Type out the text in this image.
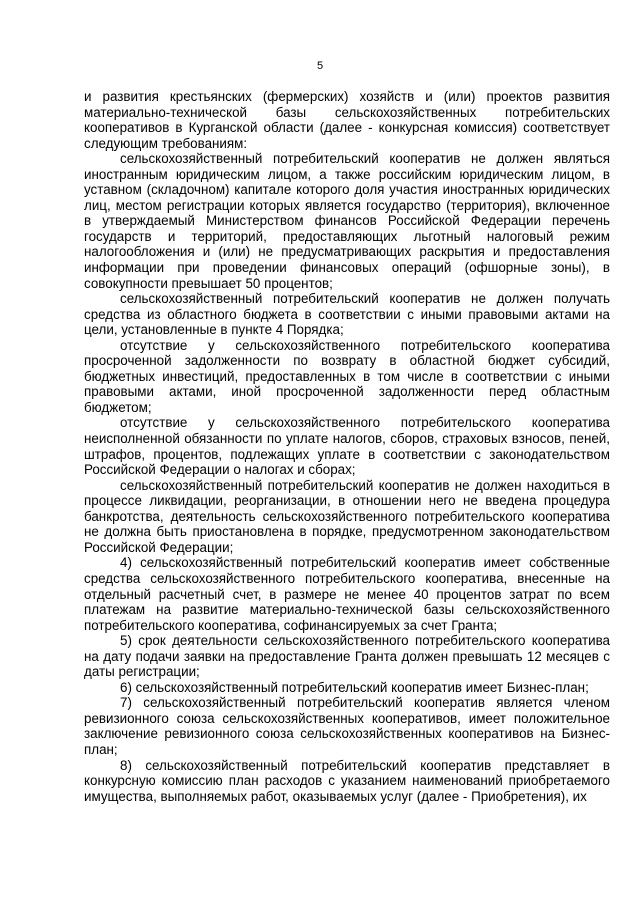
5

и развития крестьянских (фермерских) хозяйств и (или) проектов развития материально-технической базы сельскохозяйственных потребительских кооперативов в Курганской области (далее - конкурсная комиссия) соответствует следующим требованиям:

сельскохозяйственный потребительский кооператив не должен являться иностранным юридическим лицом, а также российским юридическим лицом, в уставном (складочном) капитале которого доля участия иностранных юридических лиц, местом регистрации которых является государство (территория), включенное в утверждаемый Министерством финансов Российской Федерации перечень государств и территорий, предоставляющих льготный налоговый режим налогообложения и (или) не предусматривающих раскрытия и предоставления информации при проведении финансовых операций (офшорные зоны), в совокупности превышает 50 процентов;

сельскохозяйственный потребительский кооператив не должен получать средства из областного бюджета в соответствии с иными правовыми актами на цели, установленные в пункте 4 Порядка;

отсутствие у сельскохозяйственного потребительского кооператива просроченной задолженности по возврату в областной бюджет субсидий, бюджетных инвестиций, предоставленных в том числе в соответствии с иными правовыми актами, иной просроченной задолженности перед областным бюджетом;

отсутствие у сельскохозяйственного потребительского кооператива неисполненной обязанности по уплате налогов, сборов, страховых взносов, пеней, штрафов, процентов, подлежащих уплате в соответствии с законодательством Российской Федерации о налогах и сборах;

сельскохозяйственный потребительский кооператив не должен находиться в процессе ликвидации, реорганизации, в отношении него не введена процедура банкротства, деятельность сельскохозяйственного потребительского кооператива не должна быть приостановлена в порядке, предусмотренном законодательством Российской Федерации;

4) сельскохозяйственный потребительский кооператив имеет собственные средства сельскохозяйственного потребительского кооператива, внесенные на отдельный расчетный счет, в размере не менее 40 процентов затрат по всем платежам на развитие материально-технической базы сельскохозяйственного потребительского кооператива, софинансируемых за счет Гранта;

5) срок деятельности сельскохозяйственного потребительского кооператива на дату подачи заявки на предоставление Гранта должен превышать 12 месяцев с даты регистрации;

6) сельскохозяйственный потребительский кооператив имеет Бизнес-план;

7) сельскохозяйственный потребительский кооператив является членом ревизионного союза сельскохозяйственных кооперативов, имеет положительное заключение ревизионного союза сельскохозяйственных кооперативов на Бизнес-план;

8) сельскохозяйственный потребительский кооператив представляет в конкурсную комиссию план расходов с указанием наименований приобретаемого имущества, выполняемых работ, оказываемых услуг (далее - Приобретения), их
